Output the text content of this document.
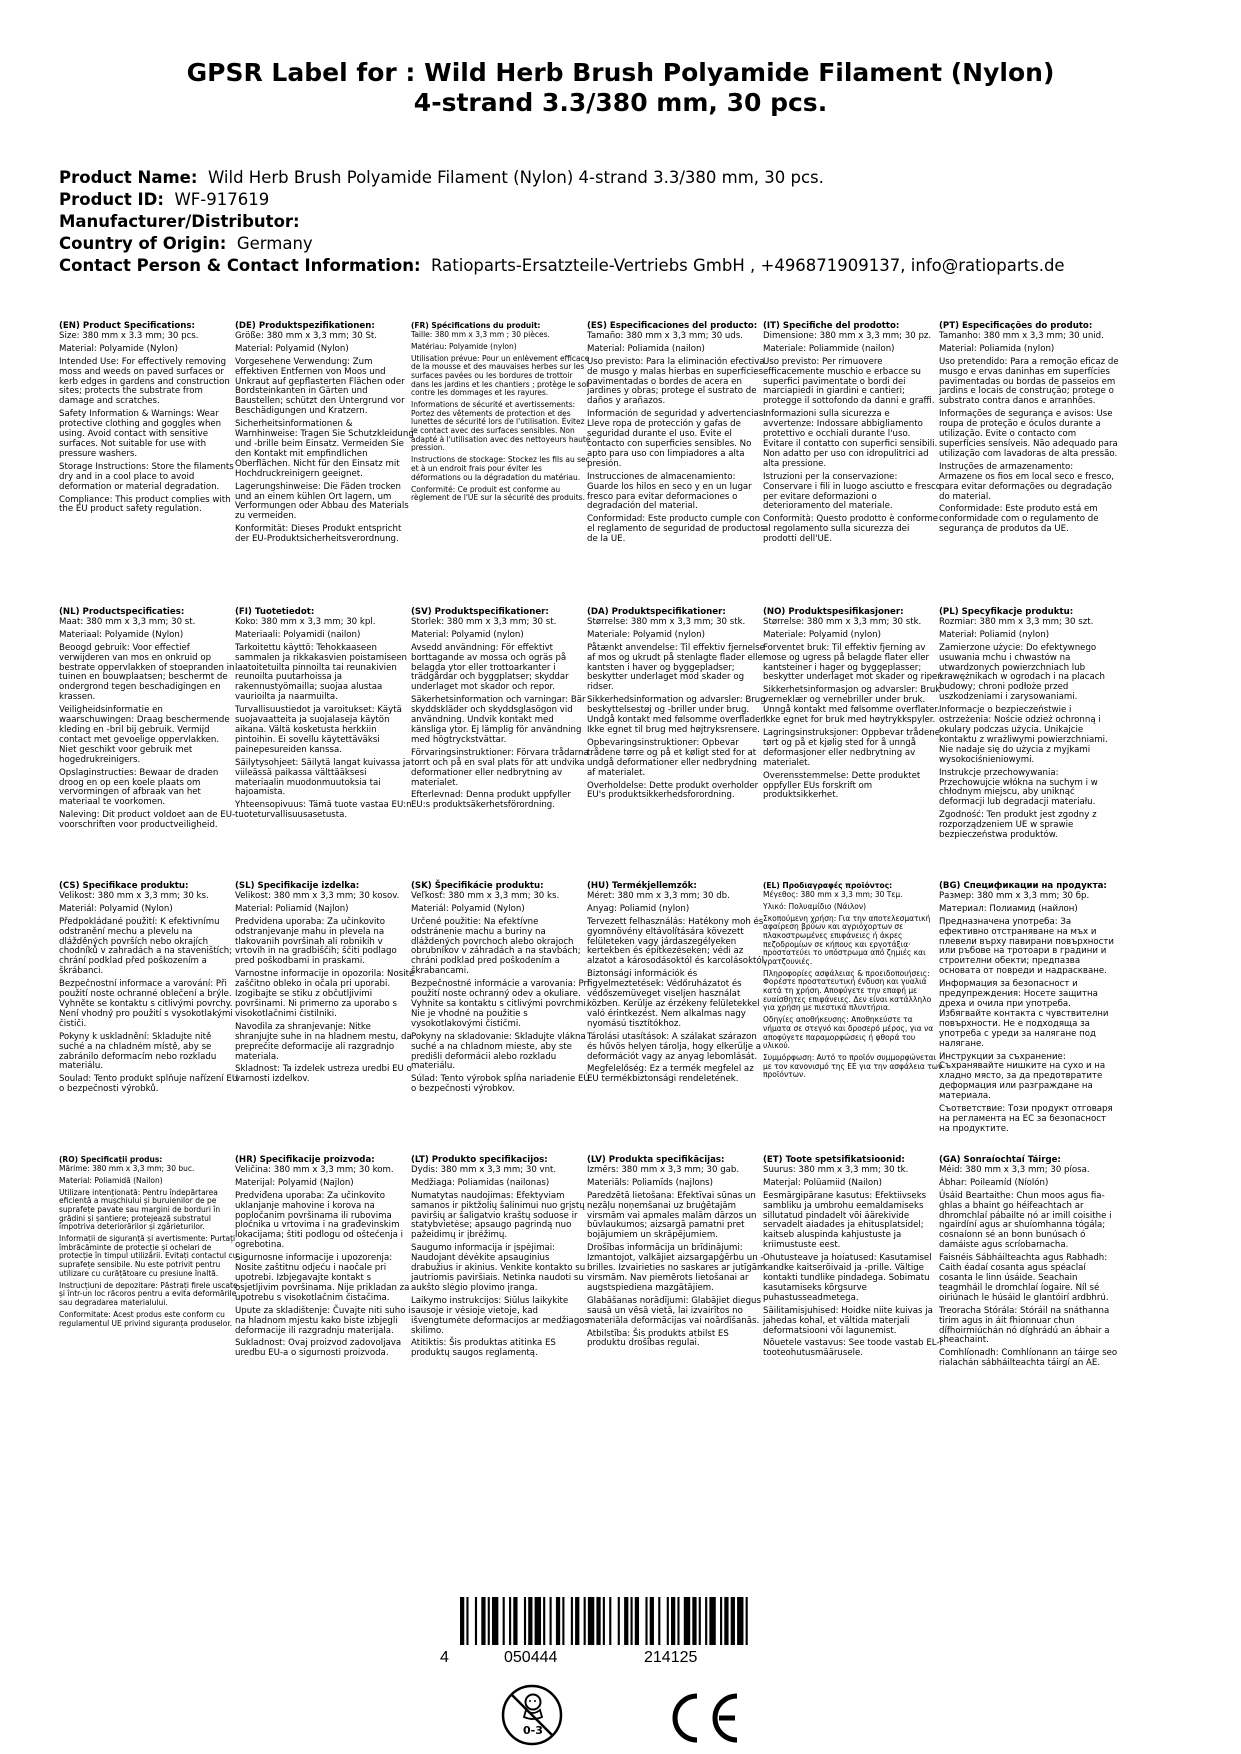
GPSR Label for : Wild Herb Brush Polyamide Filament (Nylon)
4-strand 3.3/380 mm, 30 pcs.
Product Name: Wild Herb Brush Polyamide Filament (Nylon) 4-strand 3.3/380 mm, 30 pcs.
Product ID: WF-917619
Manufacturer/Distributor:
Country of Origin: Germany
Contact Person & Contact Information: Ratioparts-Ersatzteile-Vertriebs GmbH , +496871909137, info@ratioparts.de
(EN) Product Specifications:

Size: 380 mm x 3.3 mm; 30 pcs.

Material: Polyamide (Nylon)

Intended Use: For effectively removing moss and weeds on paved surfaces or kerb edges in gardens and construction sites; protects the substrate from damage and scratches.

Safety Information & Warnings: Wear protective clothing and goggles when using. Avoid contact with sensitive surfaces. Not suitable for use with pressure washers.

Storage Instructions: Store the filaments dry and in a cool place to avoid deformation or material degradation.

Compliance: This product complies with the EU product safety regulation.

(DE) Produktspezifikationen:

Größe: 380 mm x 3,3 mm; 30 St.

Material: Polyamid (Nylon)

Vorgesehene Verwendung: Zum effektiven Entfernen von Moos und Unkraut auf gepflasterten Flächen oder Bordsteinkanten in Gärten und Baustellen; schützt den Untergrund vor Beschädigungen und Kratzern.

Sicherheitsinformationen & Warnhinweise: Tragen Sie Schutzkleidung und -brille beim Einsatz. Vermeiden Sie den Kontakt mit empfindlichen Oberflächen. Nicht für den Einsatz mit Hochdruckreinigern geeignet.

Lagerungshinweise: Die Fäden trocken und an einem kühlen Ort lagern, um Verformungen oder Abbau des Materials zu vermeiden.

Konformität: Dieses Produkt entspricht der EU-Produktsicherheitsverordnung.

(FR) Spécifications du produit:

Taille: 380 mm x 3,3 mm ; 30 pièces.

Matériau: Polyamide (nylon)

Utilisation prévue: Pour un enlèvement efficace de la mousse et des mauvaises herbes sur les surfaces pavées ou les bordures de trottoir dans les jardins et les chantiers ; protège le sol contre les dommages et les rayures.

Informations de sécurité et avertissements: Portez des vêtements de protection et des lunettes de sécurité lors de l'utilisation. Évitez le contact avec des surfaces sensibles. Non adapté à l'utilisation avec des nettoyeurs haute pression.

Instructions de stockage: Stockez les fils au sec et à un endroit frais pour éviter les déformations ou la dégradation du matériau.

Conformité: Ce produit est conforme au règlement de l'UE sur la sécurité des produits.

(ES) Especificaciones del producto:

Tamaño: 380 mm x 3,3 mm; 30 uds.

Material: Poliamida (nailon)

Uso previsto: Para la eliminación efectiva de musgo y malas hierbas en superficies pavimentadas o bordes de acera en jardines y obras; protege el sustrato de daños y arañazos.

Información de seguridad y advertencias: Lleve ropa de protección y gafas de seguridad durante el uso. Evite el contacto con superficies sensibles. No apto para uso con limpiadores a alta presión.

Instrucciones de almacenamiento: Guarde los hilos en seco y en un lugar fresco para evitar deformaciones o degradación del material.

Conformidad: Este producto cumple con el reglamento de seguridad de productos de la UE.

(IT) Specifiche del prodotto:

Dimensione: 380 mm x 3,3 mm; 30 pz.

Materiale: Poliammide (nailon)

Uso previsto: Per rimuovere efficacemente muschio e erbacce su superfici pavimentate o bordi dei marciapiedi in giardini e cantieri; protegge il sottofondo da danni e graffi.

Informazioni sulla sicurezza e avvertenze: Indossare abbigliamento protettivo e occhiali durante l'uso. Evitare il contatto con superfici sensibili. Non adatto per uso con idropulitrici ad alta pressione.

Istruzioni per la conservazione: Conservare i fili in luogo asciutto e fresco per evitare deformazioni o deterioramento del materiale.

Conformità: Questo prodotto è conforme al regolamento sulla sicurezza dei prodotti dell'UE.

(PT) Especificações do produto:

Tamanho: 380 mm x 3,3 mm; 30 unid.

Material: Poliamida (nylon)

Uso pretendido: Para a remoção eficaz de musgo e ervas daninhas em superfícies pavimentadas ou bordas de passeios em jardins e locais de construção; protege o substrato contra danos e arranhões.

Informações de segurança e avisos: Use roupa de proteção e óculos durante a utilização. Evite o contacto com superfícies sensíveis. Não adequado para utilização com lavadoras de alta pressão.

Instruções de armazenamento: Armazene os fios em local seco e fresco, para evitar deformações ou degradação do material.

Conformidade: Este produto está em conformidade com o regulamento de segurança de produtos da UE.

(NL) Productspecificaties:

Maat: 380 mm x 3,3 mm; 30 st.

Materiaal: Polyamide (Nylon)

Beoogd gebruik: Voor effectief verwijderen van mos en onkruid op bestrate oppervlakken of stoepranden in tuinen en bouwplaatsen; beschermt de ondergrond tegen beschadigingen en krassen.

Veiligheidsinformatie en waarschuwingen: Draag beschermende kleding en -bril bij gebruik. Vermijd contact met gevoelige oppervlakken. Niet geschikt voor gebruik met hogedrukreinigers.

Opslaginstructies: Bewaar de draden droog en op een koele plaats om vervormingen of afbraak van het materiaal te voorkomen.

Naleving: Dit product voldoet aan de EU-voorschriften voor productveiligheid.

(FI) Tuotetiedot:

Koko: 380 mm x 3,3 mm; 30 kpl.

Materiaali: Polyamidi (nailon)

Tarkoitettu käyttö: Tehokkaaseen sammalen ja rikkakasvien poistamiseen laatoitetuilta pinnoilta tai reunakivien reunoilta puutarhoissa ja rakennustyömailla; suojaa alustaa vaurioilta ja naarmuilta.

Turvallisuustiedot ja varoitukset: Käytä suojavaatteita ja suojalaseja käytön aikana. Vältä kosketusta herkkiin pintoihin. Ei sovellu käytettäväksi painepesureiden kanssa.

Säilytysohjeet: Säilytä langat kuivassa ja viileässä paikassa välttääksesi materiaalin muodonmuutoksia tai hajoamista.

Yhteensopivuus: Tämä tuote vastaa EU:n tuoteturvallisuusasetusta.

(SV) Produktspecifikationer:

Storlek: 380 mm x 3,3 mm; 30 st.

Material: Polyamid (nylon)

Avsedd användning: För effektivt borttagande av mossa och ogräs på belagda ytor eller trottoarkanter i trädgårdar och byggplatser; skyddar underlaget mot skador och repor.

Säkerhetsinformation och varningar: Bär skyddskläder och skyddsglasögon vid användning. Undvik kontakt med känsliga ytor. Ej lämplig för användning med högtryckstvättar.

Förvaringsinstruktioner: Förvara trådarna torrt och på en sval plats för att undvika deformationer eller nedbrytning av materialet.

Efterlevnad: Denna produkt uppfyller EU:s produktsäkerhetsförordning.

(DA) Produktspecifikationer:

Størrelse: 380 mm x 3,3 mm; 30 stk.

Materiale: Polyamid (nylon)

Påtænkt anvendelse: Til effektiv fjernelse af mos og ukrudt på stenlagte flader eller kantsten i haver og byggepladser; beskytter underlaget mod skader og ridser.

Sikkerhedsinformation og advarsler: Brug beskyttelsestøj og -briller under brug. Undgå kontakt med følsomme overflader. Ikke egnet til brug med højtryksrensere.

Opbevaringsinstruktioner: Opbevar trådene tørre og på et køligt sted for at undgå deformationer eller nedbrydning af materialet.

Overholdelse: Dette produkt overholder EU's produktsikkerhedsforordning.

(NO) Produktspesifikasjoner:

Størrelse: 380 mm x 3,3 mm; 30 stk.

Materiale: Polyamid (nylon)

Forventet bruk: Til effektiv fjerning av mose og ugress på belagde flater eller kantsteiner i hager og byggeplasser; beskytter underlaget mot skader og riper.

Sikkerhetsinformasjon og advarsler: Bruk verneklær og vernebriller under bruk. Unngå kontakt med følsomme overflater. Ikke egnet for bruk med høytrykkspyler.

Lagringsinstruksjoner: Oppbevar trådene tørt og på et kjølig sted for å unngå deformasjoner eller nedbrytning av materialet.

Overensstemmelse: Dette produktet oppfyller EUs forskrift om produktsikkerhet.

(PL) Specyfikacje produktu:

Rozmiar: 380 mm x 3,3 mm; 30 szt.

Materiał: Poliamid (nylon)

Zamierzone użycie: Do efektywnego usuwania mchu i chwastów na utwardzonych powierzchniach lub krawężnikach w ogrodach i na placach budowy; chroni podłoże przed uszkodzeniami i zarysowaniami.

Informacje o bezpieczeństwie i ostrzeżenia: Noście odzież ochronną i okulary podczas użycia. Unikajcie kontaktu z wrażliwymi powierzchniami. Nie nadaje się do użycia z myjkami wysokociśnieniowymi.

Instrukcje przechowywania: Przechowujcie włókna na suchym i w chłodnym miejscu, aby uniknąć deformacji lub degradacji materiału.

Zgodność: Ten produkt jest zgodny z rozporządzeniem UE w sprawie bezpieczeństwa produktów.

(CS) Specifikace produktu:

Velikost: 380 mm x 3,3 mm; 30 ks.

Materiál: Polyamid (Nylon)

Předpokládané použití: K efektivnímu odstranění mechu a plevelu na dlážděných površích nebo okrajích chodníků v zahradách a na staveništích; chrání podklad před poškozením a škrábanci.

Bezpečnostní informace a varování: Při použití noste ochranné oblečení a brýle. Vyhněte se kontaktu s citlivými povrchy. Není vhodný pro použití s vysokotlakými čističi.

Pokyny k uskladnění: Skladujte nitě suché a na chladném místě, aby se zabránilo deformacím nebo rozkladu materiálu.

Soulad: Tento produkt splňuje nařízení EU o bezpečnosti výrobků.

(SL) Specifikacije izdelka:

Velikost: 380 mm x 3,3 mm; 30 kosov.

Material: Poliamid (Najlon)

Predvidena uporaba: Za učinkovito odstranjevanje mahu in plevela na tlakovanih površinah ali robnikih v vrtovih in na gradbiščih; ščiti podlago pred poškodbami in praskami.

Varnostne informacije in opozorila: Nosite zaščitno obleko in očala pri uporabi. Izogibajte se stiku z občutljivimi površinami. Ni primerno za uporabo s visokotlačnimi čistilniki.

Navodila za shranjevanje: Nitke shranjujte suhe in na hladnem mestu, da preprečite deformacije ali razgradnjo materiala.

Skladnost: Ta izdelek ustreza uredbi EU o varnosti izdelkov.

(SK) Špecifikácie produktu:

Veľkosť: 380 mm x 3,3 mm; 30 ks.

Materiál: Polyamid (Nylon)

Určené použitie: Na efektívne odstránenie machu a buriny na dláždených povrchoch alebo okrajoch obrubníkov v záhradách a na stavbách; chráni podklad pred poškodením a škrabancami.

Bezpečnostné informácie a varovania: Pri použití noste ochranný odev a okuliare. Vyhnite sa kontaktu s citlivými povrchmi. Nie je vhodné na použitie s vysokotlakovými čističmi.

Pokyny na skladovanie: Skladujte vlákna suché a na chladnom mieste, aby ste predišli deformácii alebo rozkladu materiálu.

Súlad: Tento výrobok spĺňa nariadenie EÚ o bezpečnosti výrobkov.

(HU) Termékjellemzők:

Méret: 380 mm x 3,3 mm; 30 db.

Anyag: Poliamid (nylon)

Tervezett felhasználás: Hatékony moh és gyomnövény eltávolítására kövezett felületeken vagy járdaszegélyeken kertekben és építkezéseken; védi az alzatot a károsodásoktól és karcolásoktól.

Biztonsági információk és figyelmeztetések: Védőruházatot és védőszemüveget viseljen használat közben. Kerülje az érzékeny felületekkel való érintkezést. Nem alkalmas nagy nyomású tisztítókhoz.

Tárolási utasítások: A szálakat szárazon és hűvös helyen tárolja, hogy elkerülje a deformációt vagy az anyag lebomlását.

Megfelelőség: Ez a termék megfelel az EU termékbiztonsági rendeletének.

(EL) Προδιαγραφές προϊόντος:

Μέγεθος: 380 mm x 3,3 mm; 30 Τεμ.

Υλικό: Πολυαμίδιο (Νάιλον)

Σκοπούμενη χρήση: Για την αποτελεσματική αφαίρεση βρύων και αγριόχορτων σε πλακοστρωμένες επιφάνειες ή άκρες πεζοδρομίων σε κήπους και εργοτάξια· προστατεύει το υπόστρωμα από ζημιές και γρατζουνιές.

Πληροφορίες ασφάλειας & προειδοποιήσεις: Φορέστε προστατευτική ένδυση και γυαλιά κατά τη χρήση. Αποφύγετε την επαφή με ευαίσθητες επιφάνειες. Δεν είναι κατάλληλο για χρήση με πιεστικά πλυντήρια.

Οδηγίες αποθήκευσης: Αποθηκεύστε τα νήματα σε στεγνό και δροσερό μέρος, για να αποφύγετε παραμορφώσεις ή φθορά του υλικού.

Συμμόρφωση: Αυτό το προϊόν συμμορφώνεται με τον κανονισμό της ΕΕ για την ασφάλεια των προϊόντων.

(BG) Спецификации на продукта:

Размер: 380 mm x 3,3 mm; 30 бр.

Материал: Полиамид (найлон)

Предназначена употреба: За ефективно отстраняване на мъх и плевели върху павирани повърхности или ръбове на тротоари в градини и строителни обекти; предпазва основата от повреди и надраскване.

Информация за безопасност и предупреждения: Носете защитна дреха и очила при употреба. Избягвайте контакта с чувствителни повърхности. Не е подходяща за употреба с уреди за налягане под налягане.

Инструкции за съхранение: Съхранявайте нишките на сухо и на хладно място, за да предотвратите деформация или разграждане на материала.

Съответствие: Този продукт отговаря на регламента на ЕС за безопасност на продуктите.

(RO) Specificații produs:

Mărime: 380 mm x 3,3 mm; 30 buc.

Material: Poliamidă (Nailon)

Utilizare intenționată: Pentru îndepărtarea eficientă a mușchiului și buruienilor de pe suprafețe pavate sau margini de borduri în grădini și șantiere; protejează substratul împotriva deteriorărilor și zgârieturilor.

Informații de siguranță și avertismente: Purtați îmbrăcăminte de protecție și ochelari de protecție în timpul utilizării. Evitați contactul cu suprafețe sensibile. Nu este potrivit pentru utilizare cu curățătoare cu presiune înaltă.

Instrucțiuni de depozitare: Păstrați firele uscate și într-un loc răcoros pentru a evita deformările sau degradarea materialului.

Conformitate: Acest produs este conform cu regulamentul UE privind siguranța produselor.

(HR) Specifikacije proizvoda:

Veličina: 380 mm x 3,3 mm; 30 kom.

Materijal: Polyamid (Najlon)

Predviđena uporaba: Za učinkovito uklanjanje mahovine i korova na popločanim površinama ili rubovima pločnika u vrtovima i na građevinskim lokacijama; štiti podlogu od oštećenja i ogrebotina.

Sigurnosne informacije i upozorenja: Nosite zaštitnu odjeću i naočale pri upotrebi. Izbjegavajte kontakt s osjetljivim površinama. Nije prikladan za upotrebu s visokotlačnim čistačima.

Upute za skladištenje: Čuvajte niti suho i na hladnom mjestu kako biste izbjegli deformacije ili razgradnju materijala.

Sukladnost: Ovaj proizvod zadovoljava uredbu EU-a o sigurnosti proizvoda.

(LT) Produkto specifikacijos:

Dydis: 380 mm x 3,3 mm; 30 vnt.

Medžiaga: Poliamidas (nailonas)

Numatytas naudojimas: Efektyviam samanos ir piktžolių šalinimui nuo grįstų paviršių ar šaligatvio kraštų soduose ir statybvietėse; apsaugo pagrindą nuo pažeidimų ir įbrėžimų.

Saugumo informacija ir įspėjimai: Naudojant dėvėkite apsauginius drabužius ir akinius. Venkite kontakto su jautriomis paviršiais. Netinka naudoti su aukšto slėgio plovimo įranga.

Laikymo instrukcijos: Siūlus laikykite sausoje ir vėsioje vietoje, kad išvengtumėte deformacijos ar medžiagos skilimo.

Atitiktis: Šis produktas atitinka ES produktų saugos reglamentą.

(LV) Produkta specifikācijas:

Izmērs: 380 mm x 3,3 mm; 30 gab.

Materiāls: Poliamīds (najlons)

Paredzētā lietošana: Efektīvai sūnas un nezāļu noņemšanai uz bruģētajām virsmām vai apmales malām dārzos un būvlaukumos; aizsargā pamatni pret bojājumiem un skrāpējumiem.

Drošības informācija un brīdinājumi: Izmantojot, valkājiet aizsargapģērbu un -brilles. Izvairieties no saskares ar jutīgām virsmām. Nav piemērots lietošanai ar augstspiediena mazgātājiem.

Glabāšanas norādījumi: Glabājiet diegus sausā un vēsā vietā, lai izvairītos no materiāla deformācijas vai noārdīšanās.

Atbilstība: Šis produkts atbilst ES produktu drošības regulai.

(ET) Toote spetsifikatsioonid:

Suurus: 380 mm x 3,3 mm; 30 tk.

Materjal: Polüamiid (Nailon)

Eesmärgipärane kasutus: Efektiivseks sambliku ja umbrohu eemaldamiseks sillutatud pindadelt või äärekivide servadelt aiadades ja ehitusplatsidel; kaitseb aluspinda kahjustuste ja kriimustuste eest.

Ohutusteave ja hoiatused: Kasutamisel kandke kaitserõivaid ja -prille. Vältige kontakti tundlike pindadega. Sobimatu kasutamiseks kõrgsurve puhastusseadmetega.

Säilitamisjuhised: Hoidke niite kuivas ja jahedas kohal, et vältida materjali deformatsiooni või lagunemist.

Nõuetele vastavus: See toode vastab EL-i tooteohutusmäärusele.

(GA) Sonraíochtaí Táirge:

Méid: 380 mm x 3,3 mm; 30 píosa.

Ábhar: Poileamíd (Níolón)

Úsáid Beartaithe: Chun moos agus fia-ghlas a bhaint go héifeachtach ar dhromchlaí pábailte nó ar imill coisithe i ngairdíní agus ar shuíomhanna tógála; cosnaíonn sé an bonn bunúsach ó damáiste agus scríobarnacha.

Faisnéis Sábháilteachta agus Rabhadh: Caith éadaí cosanta agus spéaclaí cosanta le linn úsáide. Seachain teagmháil le dromchlaí íogaire. Níl sé oiriúnach le húsáid le glantóirí ardbhrú.

Treoracha Stórála: Stóráil na snáthanna tirim agus in áit fhionnuar chun dífhoirmiúchán nó díghrádú an ábhair a sheachaint.

Comhlíonadh: Comhlíonann an táirge seo rialachán sábháilteachta táirgí an AE.

4	050444	214125
0-3
